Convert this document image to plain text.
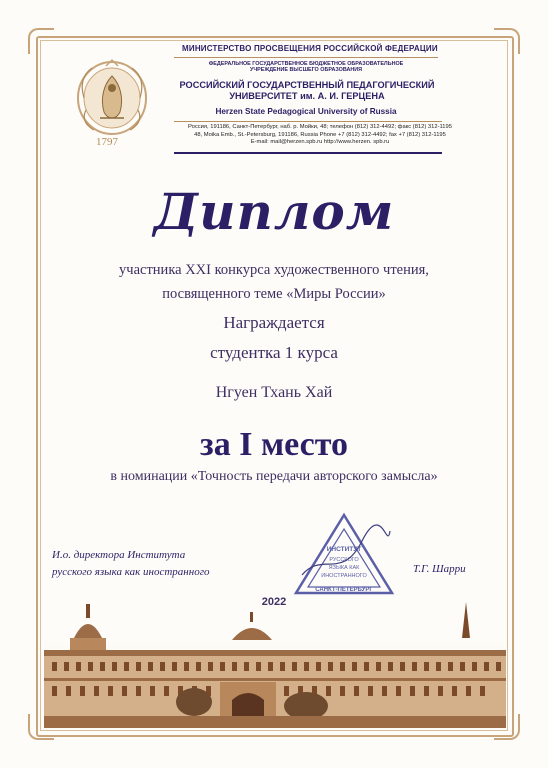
1797
МИНИСТЕРСТВО ПРОСВЕЩЕНИЯ РОССИЙСКОЙ ФЕДЕРАЦИИ
ФЕДЕРАЛЬНОЕ ГОСУДАРСТВЕННОЕ БЮДЖЕТНОЕ ОБРАЗОВАТЕЛЬНОЕ
УЧРЕЖДЕНИЕ ВЫСШЕГО ОБРАЗОВАНИЯ
РОССИЙСКИЙ ГОСУДАРСТВЕННЫЙ ПЕДАГОГИЧЕСКИЙ
УНИВЕРСИТЕТ им. А. И. ГЕРЦЕНА
Herzen State Pedagogical University of Russia
Россия, 191186, Санкт-Петербург, наб. р. Мойки, 48; телефон (812) 312-4492; факс (812) 312-1195
48, Moika Emb., St.-Petersburg, 191186, Russia Phone +7 (812) 312-4492; fax +7 (812) 312-1195
E-mail: mail@herzen.spb.ru http://www.herzen. spb.ru
Диплом
участника XXI конкурса художественного чтения,
посвященного теме «Миры России»
Награждается
студентка 1 курса
Нгуен Тхань Хай
за I место
в номинации «Точность передачи авторского замысла»
И.о. директора Института
русского языка как иностранного	Т.Г. Шарри
ИНСТИТУТ
РУССКОГО
ЯЗЫКА КАК
ИНОСТРАННОГО
САНКТ-ПЕТЕРБУРГ
2022
